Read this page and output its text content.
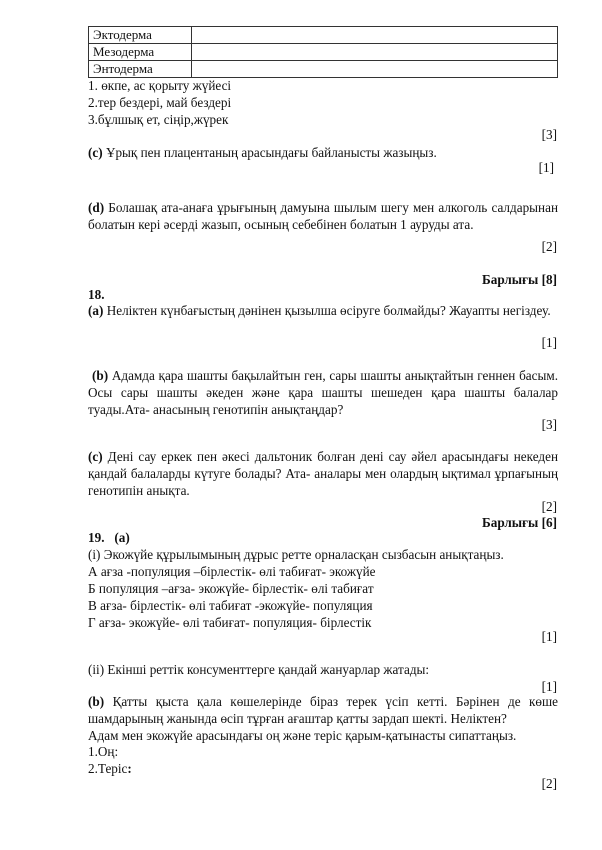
Эктодерма	
Мезодерма	
Энтодерма	
1. өкпе, ас қорыту жүйесі
2.тер бездері, май бездері
3.бұлшық ет, сіңір,жүрек
[3]
(c) Ұрық пен плацентаның арасындағы байланысты жазыңыз.
[1]
(d) Болашақ ата-анаға ұрығының дамуына шылым шегу мен алкоголь салдарынан болатын кері әсерді жазып, осының себебінен болатын 1 ауруды ата.
[2]
Барлығы [8]
18.
(a) Неліктен күнбағыстың дәнінен қызылша өсіруге болмайды? Жауапты негіздеу.
[1]
(b) Адамда қара шашты бақылайтын ген, сары шашты анықтайтын геннен басым. Осы сары шашты әкеден және қара шашты шешеден қара шашты балалар туады.Ата- анасының генотипін анықтаңдар?
[3]
(c) Дені сау еркек пен әкесі дальтоник болған дені сау әйел арасындағы некеден қандай балаларды күтуге болады? Ата- аналары мен олардың ықтимал ұрпағының генотипін анықта.
[2]
Барлығы [6]
19. (a)
(i) Экожүйе құрылымының дұрыс ретте орналасқан сызбасын анықтаңыз.
А ағза -популяция –бірлестік- өлі табиғат- экожүйе
Б популяция –ағза- экожүйе- бірлестік- өлі табиғат
В ағза- бірлестік- өлі табиғат -экожүйе- популяция
Г ағза- экожүйе- өлі табиғат- популяция- бірлестік
[1]
(ii) Екінші реттік консументтерге қандай жануарлар жатады:
[1]
(b) Қатты қыста қала көшелерінде біраз терек үсіп кетті. Бәрінен де көше шамдарының жанында өсіп тұрған ағаштар қатты зардап шекті. Неліктен?
Адам мен экожүйе арасындағы оң және теріс қарым-қатынасты сипаттаңыз.
1.Оң:
2.Теріс:
[2]
